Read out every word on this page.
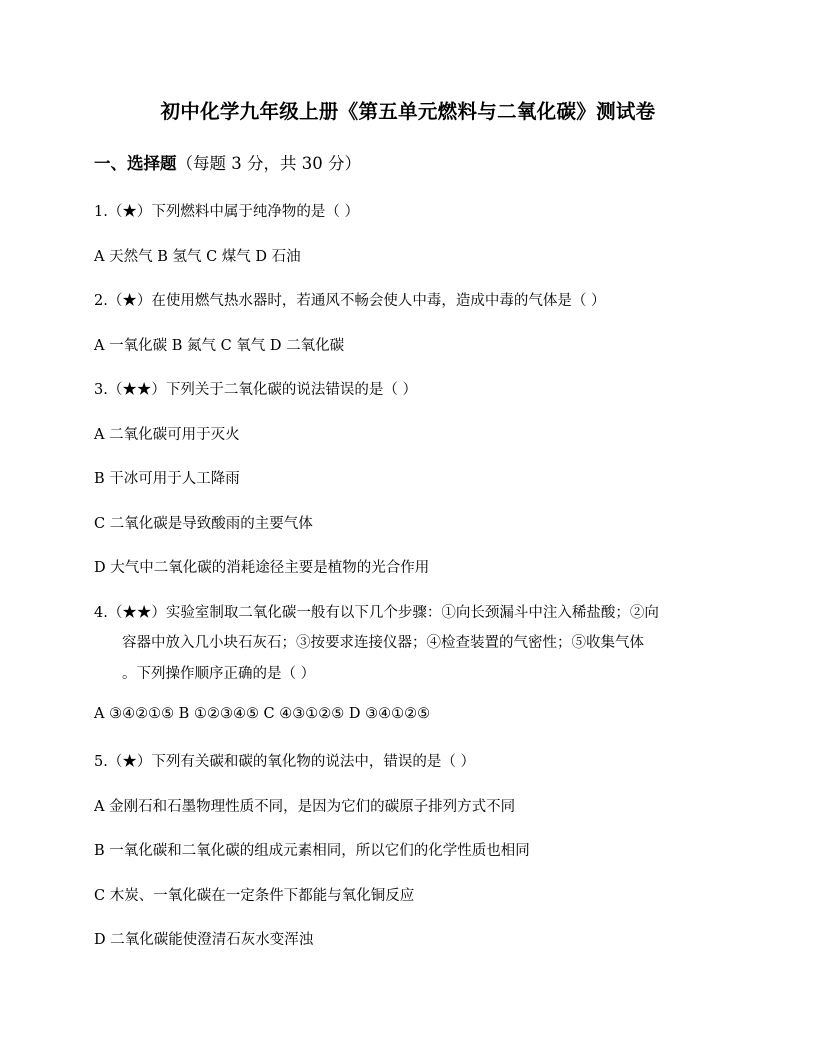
初中化学九年级上册《第五单元燃料与二氧化碳》测试卷
一、选择题（每题 3 分，共 30 分）
1.（★）下列燃料中属于纯净物的是（ ）
A 天然气 B 氢气 C 煤气 D 石油
2.（★）在使用燃气热水器时，若通风不畅会使人中毒，造成中毒的气体是（ ）
A 一氧化碳 B 氮气 C 氧气 D 二氧化碳
3.（★★）下列关于二氧化碳的说法错误的是（ ）
A 二氧化碳可用于灭火
B 干冰可用于人工降雨
C 二氧化碳是导致酸雨的主要气体
D 大气中二氧化碳的消耗途径主要是植物的光合作用
4.（★★）实验室制取二氧化碳一般有以下几个步骤：①向长颈漏斗中注入稀盐酸；②向
容器中放入几小块石灰石；③按要求连接仪器；④检查装置的气密性；⑤收集气体
。下列操作顺序正确的是（ ）
A ③④②①⑤ B ①②③④⑤ C ④③①②⑤ D ③④①②⑤
5.（★）下列有关碳和碳的氧化物的说法中，错误的是（ ）
A 金刚石和石墨物理性质不同，是因为它们的碳原子排列方式不同
B 一氧化碳和二氧化碳的组成元素相同，所以它们的化学性质也相同
C 木炭、一氧化碳在一定条件下都能与氧化铜反应
D 二氧化碳能使澄清石灰水变浑浊
